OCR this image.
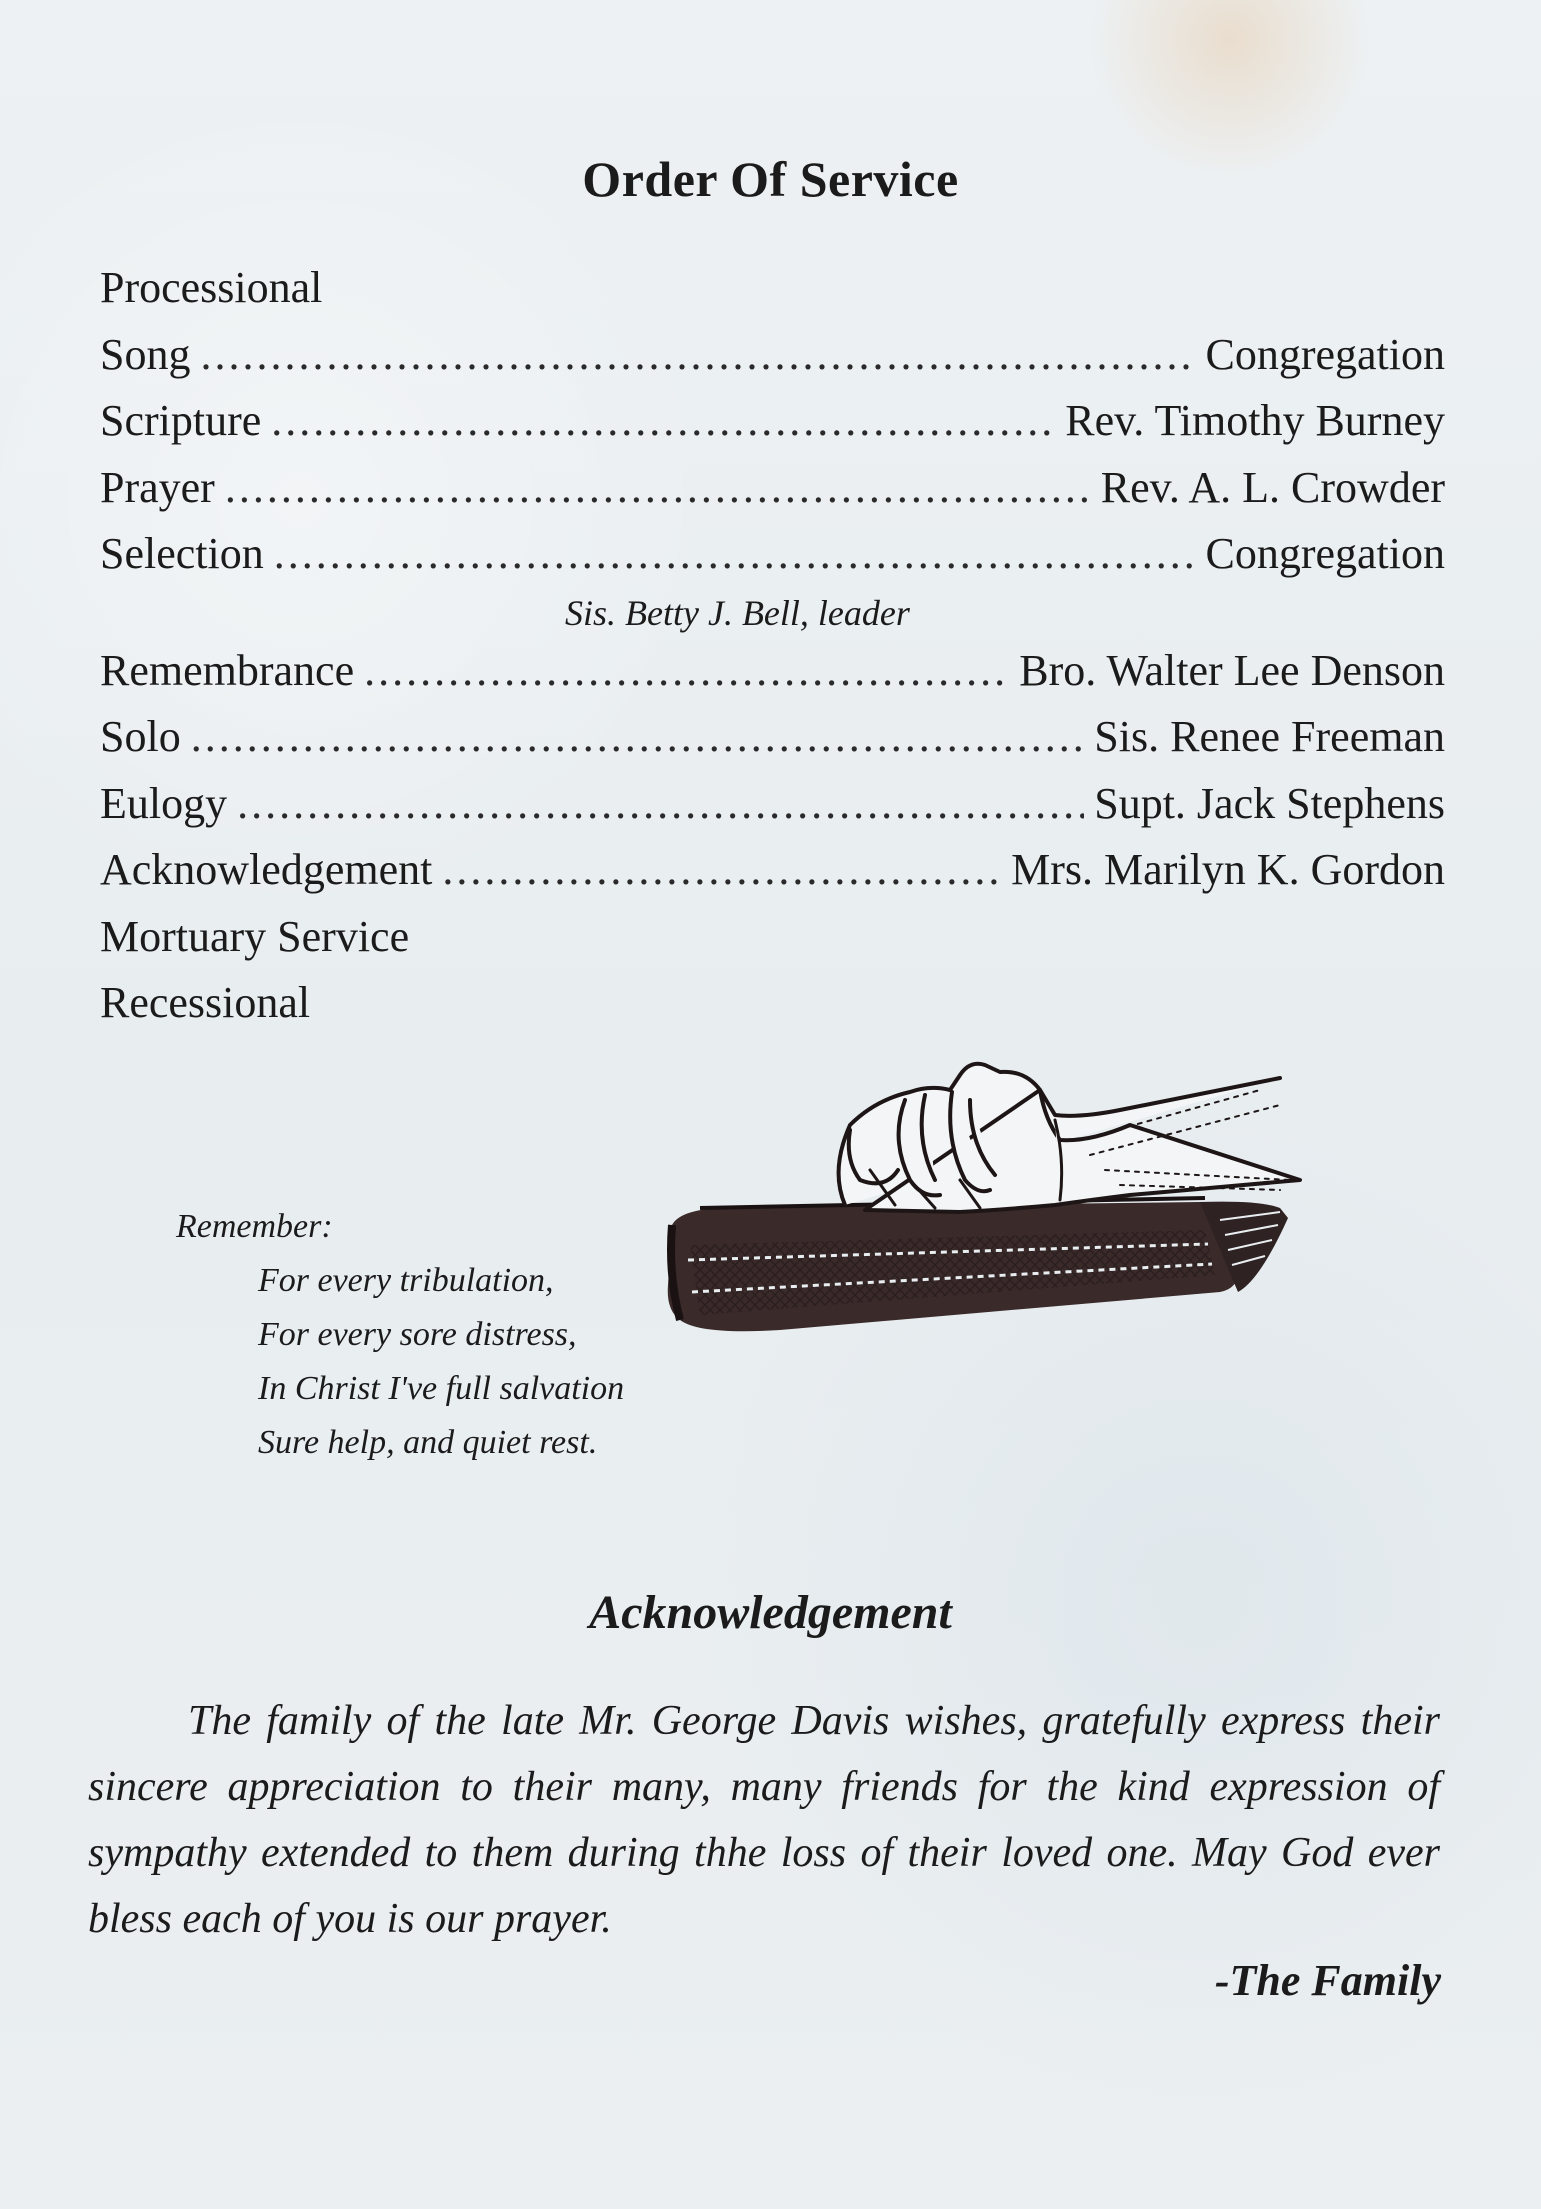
Order Of Service
Processional
Song .....	Congregation
Scripture .....	Rev. Timothy Burney
Prayer .....	Rev. A. L. Crowder
Selection .....	Congregation
Sis. Betty J. Bell, leader
Remembrance .....	Bro. Walter Lee Denson
Solo .....	Sis. Renee Freeman
Eulogy .....	Supt. Jack Stephens
Acknowledgement .....	Mrs. Marilyn K. Gordon
Mortuary Service
Recessional
Remember:
For every tribulation,
For every sore distress,
In Christ I've full salvation
Sure help, and quiet rest.
Acknowledgement

The family of the late Mr. George Davis wishes, gratefully express their sincere appreciation to their many, many friends for the kind expression of sympathy extended to them during thhe loss of their loved one. May God ever bless each of you is our prayer.

-The Family
